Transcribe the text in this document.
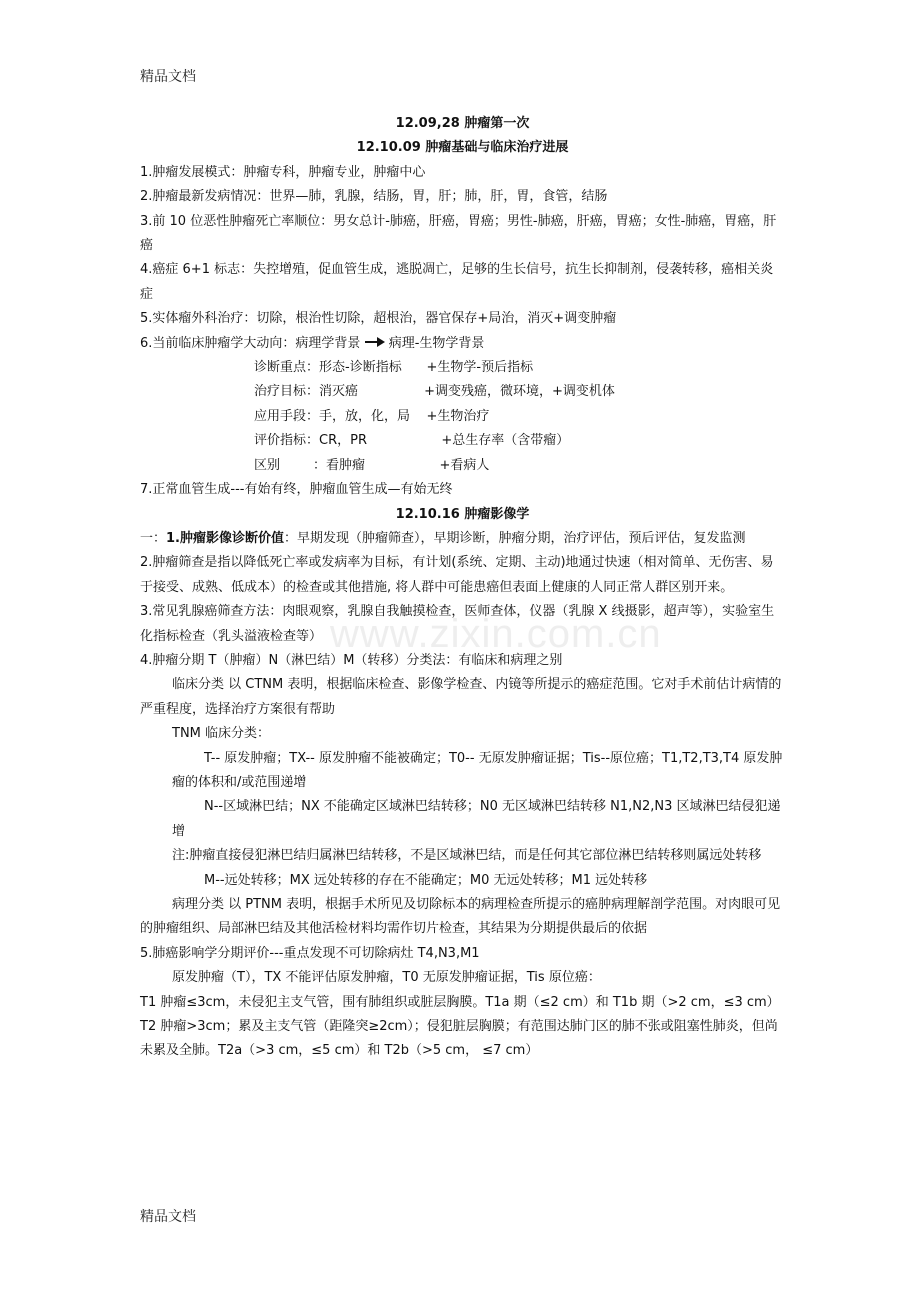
精品文档
www.zixin.com.cn

12.09,28 肿瘤第一次

12.10.09 肿瘤基础与临床治疗进展

1.肿瘤发展模式：肿瘤专科，肿瘤专业，肿瘤中心

2.肿瘤最新发病情况：世界—肺，乳腺，结肠，胃，肝；肺，肝，胃，食管，结肠

3.前 10 位恶性肿瘤死亡率顺位：男女总计-肺癌，肝癌，胃癌；男性-肺癌，肝癌，胃癌；女性-肺癌，胃癌，肝癌

4.癌症 6+1 标志：失控增殖，促血管生成，逃脱凋亡，足够的生长信号，抗生长抑制剂，侵袭转移，癌相关炎症

5.实体瘤外科治疗：切除，根治性切除，超根治，器官保存+局治，消灭+调变肿瘤

6.当前临床肿瘤学大动向：病理学背景 病理-生物学背景

诊断重点：形态-诊断指标      +生物学-预后指标

治疗目标：消灭癌                +调变残癌，微环境，+调变机体

应用手段：手，放，化，局    +生物治疗

评价指标：CR，PR                  +总生存率（含带瘤）

区别        ：看肿瘤                  +看病人

7.正常血管生成---有始有终，肿瘤血管生成—有始无终

12.10.16 肿瘤影像学

一：1.肿瘤影像诊断价值：早期发现（肿瘤筛查），早期诊断，肿瘤分期，治疗评估，预后评估，复发监测

2.肿瘤筛查是指以降低死亡率或发病率为目标，有计划(系统、定期、主动)地通过快速（相对简单、无伤害、易于接受、成熟、低成本）的检查或其他措施, 将人群中可能患癌但表面上健康的人同正常人群区别开来。

3.常见乳腺癌筛查方法：肉眼观察，乳腺自我触摸检查，医师查体，仪器（乳腺 X 线摄影，超声等），实验室生化指标检查（乳头溢液检查等）

4.肿瘤分期 T（肿瘤）N（淋巴结）M（转移）分类法：有临床和病理之别

临床分类 以 CTNM 表明，根据临床检查、影像学检查、内镜等所提示的癌症范围。它对手术前估计病情的严重程度，选择治疗方案很有帮助

TNM 临床分类：

T-- 原发肿瘤；TX-- 原发肿瘤不能被确定；T0-- 无原发肿瘤证据；Tis--原位癌；T1,T2,T3,T4 原发肿瘤的体积和/或范围递增

N--区域淋巴结；NX 不能确定区域淋巴结转移；N0 无区域淋巴结转移 N1,N2,N3 区域淋巴结侵犯递增

注:肿瘤直接侵犯淋巴结归属淋巴结转移，不是区域淋巴结，而是任何其它部位淋巴结转移则属远处转移

M--远处转移；MX 远处转移的存在不能确定；M0 无远处转移；M1 远处转移

病理分类 以 PTNM 表明，根据手术所见及切除标本的病理检查所提示的癌肿病理解剖学范围。对肉眼可见的肿瘤组织、局部淋巴结及其他活检材料均需作切片检查，其结果为分期提供最后的依据

5.肺癌影响学分期评价---重点发现不可切除病灶 T4,N3,M1

原发肿瘤（T），TX 不能评估原发肿瘤，T0 无原发肿瘤证据，Tis 原位癌：

T1 肿瘤≤3cm，未侵犯主支气管，围有肺组织或脏层胸膜。T1a 期（≤2 cm）和 T1b 期（>2 cm，≤3 cm）

T2 肿瘤>3cm；累及主支气管（距隆突≥2cm）；侵犯脏层胸膜；有范围达肺门区的肺不张或阻塞性肺炎，但尚未累及全肺。T2a（>3 cm，≤5 cm）和 T2b（>5 cm， ≤7 cm）

精品文档
